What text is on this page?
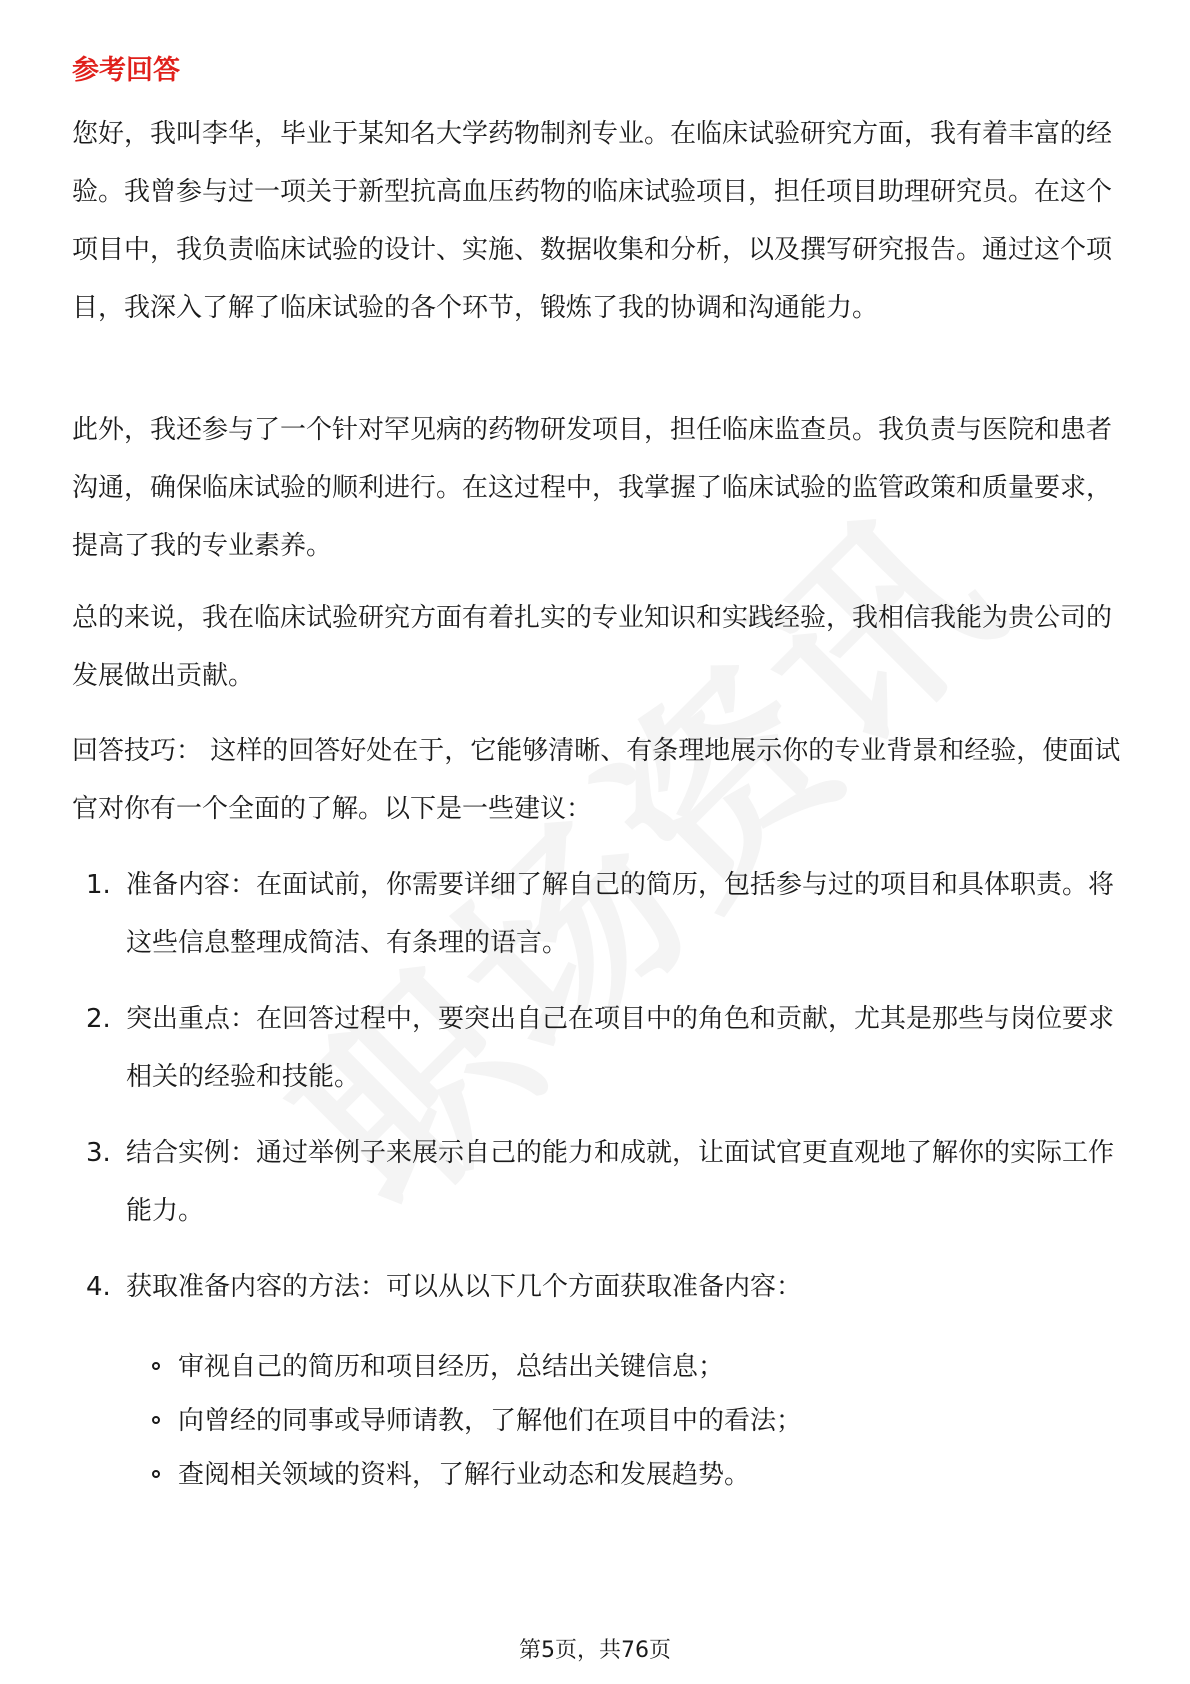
参考回答

您好，我叫李华，毕业于某知名大学药物制剂专业。在临床试验研究方面，我有着丰富的经验。我曾参与过一项关于新型抗高血压药物的临床试验项目，担任项目助理研究员。在这个项目中，我负责临床试验的设计、实施、数据收集和分析，以及撰写研究报告。通过这个项目，我深入了解了临床试验的各个环节，锻炼了我的协调和沟通能力。

此外，我还参与了一个针对罕见病的药物研发项目，担任临床监查员。我负责与医院和患者沟通，确保临床试验的顺利进行。在这过程中，我掌握了临床试验的监管政策和质量要求，提高了我的专业素养。

总的来说，我在临床试验研究方面有着扎实的专业知识和实践经验，我相信我能为贵公司的发展做出贡献。

回答技巧： 这样的回答好处在于，它能够清晰、有条理地展示你的专业背景和经验，使面试官对你有一个全面的了解。以下是一些建议：

1. 准备内容：在面试前，你需要详细了解自己的简历，包括参与过的项目和具体职责。将这些信息整理成简洁、有条理的语言。
2. 突出重点：在回答过程中，要突出自己在项目中的角色和贡献，尤其是那些与岗位要求相关的经验和技能。
3. 结合实例：通过举例子来展示自己的能力和成就，让面试官更直观地了解你的实际工作能力。
4. 获取准备内容的方法：可以从以下几个方面获取准备内容：
审视自己的简历和项目经历，总结出关键信息；
向曾经的同事或导师请教，了解他们在项目中的看法；
查阅相关领域的资料，了解行业动态和发展趋势。
第5页，共76页
